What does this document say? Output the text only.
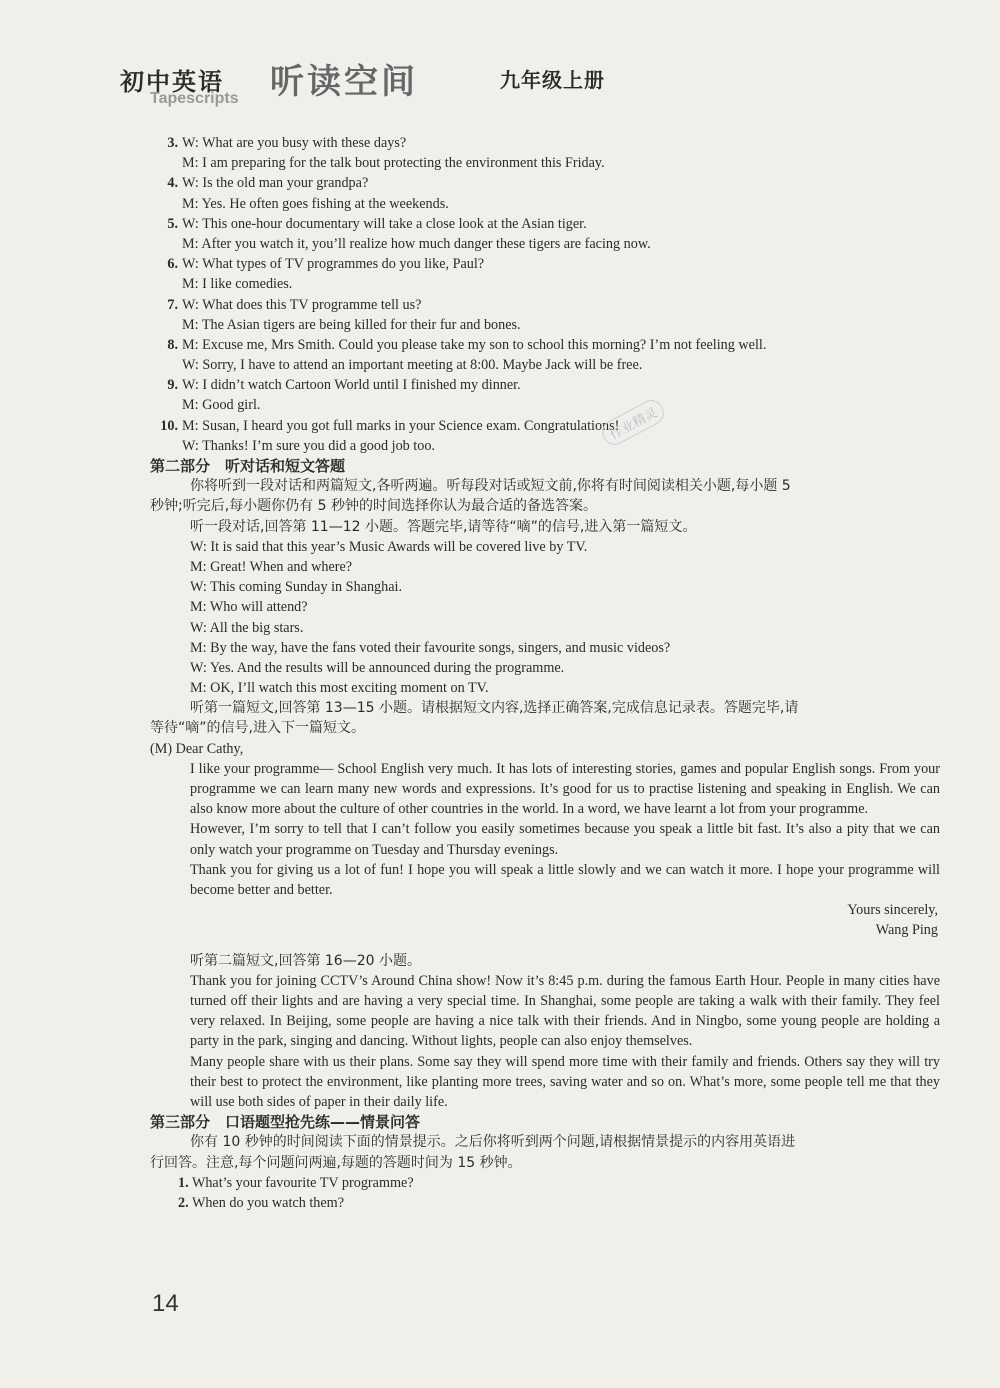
初中英语 听读空间	九年级上册
Tapescripts
3. W: What are you busy with these days?
M: I am preparing for the talk bout protecting the environment this Friday.
4. W: Is the old man your grandpa?
M: Yes. He often goes fishing at the weekends.
5. W: This one-hour documentary will take a close look at the Asian tiger.
M: After you watch it, you’ll realize how much danger these tigers are facing now.
6. W: What types of TV programmes do you like, Paul?
M: I like comedies.
7. W: What does this TV programme tell us?
M: The Asian tigers are being killed for their fur and bones.
8. M: Excuse me, Mrs Smith. Could you please take my son to school this morning? I’m not feeling well.
W: Sorry, I have to attend an important meeting at 8:00. Maybe Jack will be free.
9. W: I didn’t watch Cartoon World until I finished my dinner.
M: Good girl.
10. M: Susan, I heard you got full marks in your Science exam. Congratulations!
W: Thanks! I’m sure you did a good job too.
第二部分　听对话和短文答题
你将听到一段对话和两篇短文,各听两遍。听每段对话或短文前,你将有时间阅读相关小题,每小题 5
秒钟;听完后,每小题你仍有 5 秒钟的时间选择你认为最合适的备选答案。
听一段对话,回答第 11—12 小题。答题完毕,请等待“嘀”的信号,进入第一篇短文。
W: It is said that this year’s Music Awards will be covered live by TV.
M: Great! When and where?
W: This coming Sunday in Shanghai.
M: Who will attend?
W: All the big stars.
M: By the way, have the fans voted their favourite songs, singers, and music videos?
W: Yes. And the results will be announced during the programme.
M: OK, I’ll watch this most exciting moment on TV.
听第一篇短文,回答第 13—15 小题。请根据短文内容,选择正确答案,完成信息记录表。答题完毕,请
等待“嘀”的信号,进入下一篇短文。
(M) Dear Cathy,
I like your programme— School English very much. It has lots of interesting stories, games and popular English songs. From your programme we can learn many new words and expressions. It’s good for us to practise listening and speaking in English. We can also know more about the culture of other countries in the world. In a word, we have learnt a lot from your programme.
However, I’m sorry to tell that I can’t follow you easily sometimes because you speak a little bit fast. It’s also a pity that we can only watch your programme on Tuesday and Thursday evenings.
Thank you for giving us a lot of fun! I hope you will speak a little slowly and we can watch it more. I hope your programme will become better and better.
Yours sincerely,
Wang Ping
听第二篇短文,回答第 16—20 小题。
Thank you for joining CCTV’s Around China show! Now it’s 8:45 p.m. during the famous Earth Hour. People in many cities have turned off their lights and are having a very special time. In Shanghai, some people are taking a walk with their family. They feel very relaxed. In Beijing, some people are having a nice talk with their friends. And in Ningbo, some young people are holding a party in the park, singing and dancing. Without lights, people can also enjoy themselves.
Many people share with us their plans. Some say they will spend more time with their family and friends. Others say they will try their best to protect the environment, like planting more trees, saving water and so on. What’s more, some people tell me that they will use both sides of paper in their daily life.
第三部分　口语题型抢先练——情景问答
你有 10 秒钟的时间阅读下面的情景提示。之后你将听到两个问题,请根据情景提示的内容用英语进
行回答。注意,每个问题问两遍,每题的答题时间为 15 秒钟。
1. What’s your favourite TV programme?
2. When do you watch them?
作业精灵
14
